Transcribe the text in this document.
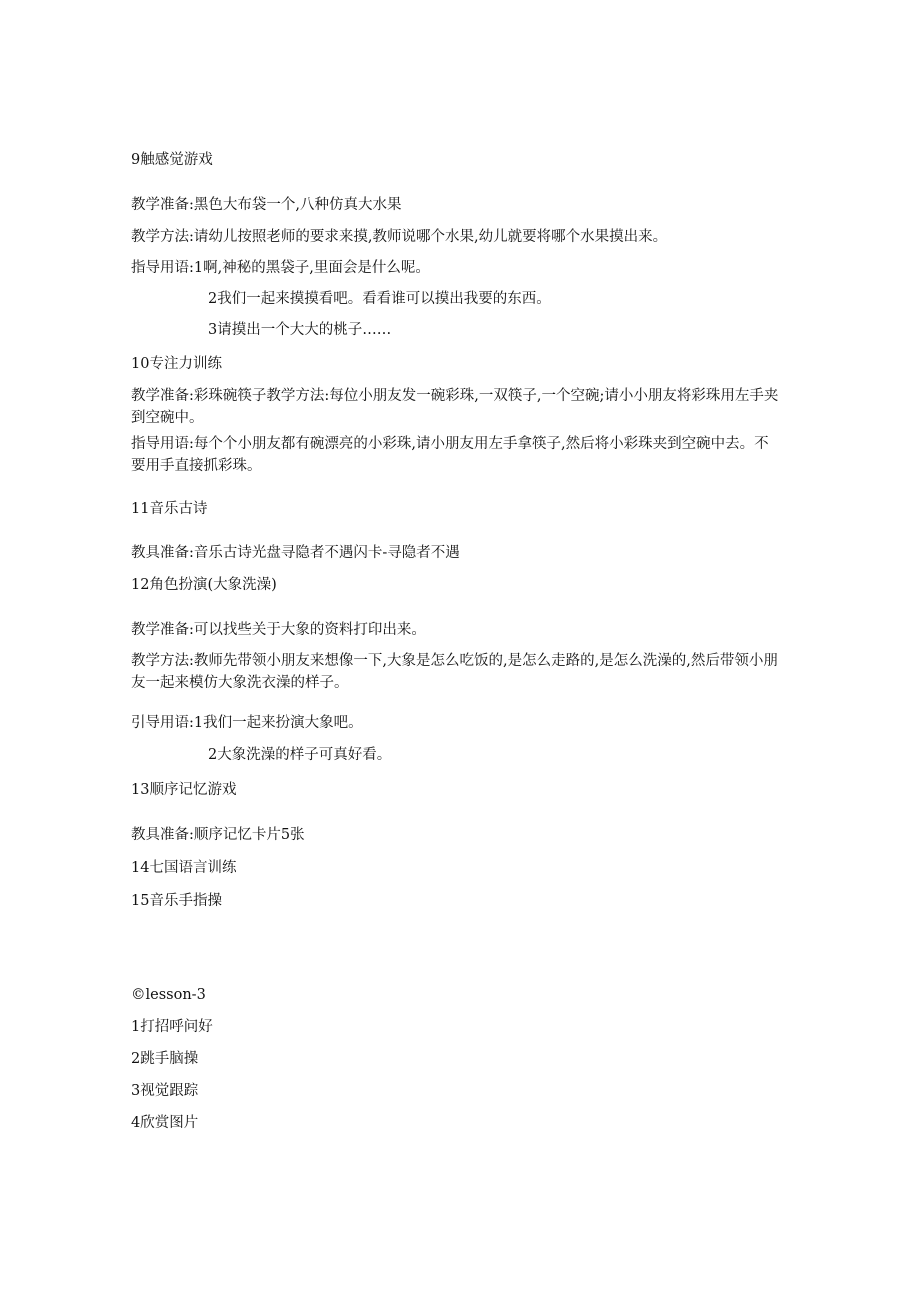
9触感觉游戏

教学准备:黑色大布袋一个,八种仿真大水果

教学方法:请幼儿按照老师的要求来摸,教师说哪个水果,幼儿就要将哪个水果摸出来。

指导用语:1啊,神秘的黑袋子,里面会是什么呢。

2我们一起来摸摸看吧。看看谁可以摸出我要的东西。

3请摸出一个大大的桃子……

10专注力训练

教学准备:彩珠碗筷子教学方法:每位小朋友发一碗彩珠,一双筷子,一个空碗;请小小朋友将彩珠用左手夹到空碗中。

指导用语:每个个小朋友都有碗漂亮的小彩珠,请小朋友用左手拿筷子,然后将小彩珠夹到空碗中去。不要用手直接抓彩珠。

11音乐古诗

教具准备:音乐古诗光盘寻隐者不遇闪卡-寻隐者不遇

12角色扮演(大象洗澡)

教学准备:可以找些关于大象的资料打印出来。

教学方法:教师先带领小朋友来想像一下,大象是怎么吃饭的,是怎么走路的,是怎么洗澡的,然后带领小朋友一起来模仿大象洗衣澡的样子。

引导用语:1我们一起来扮演大象吧。

2大象洗澡的样子可真好看。

13顺序记忆游戏

教具准备:顺序记忆卡片5张

14七国语言训练

15音乐手指操

©lesson-3

1打招呼问好

2跳手脑操

3视觉跟踪

4欣赏图片
